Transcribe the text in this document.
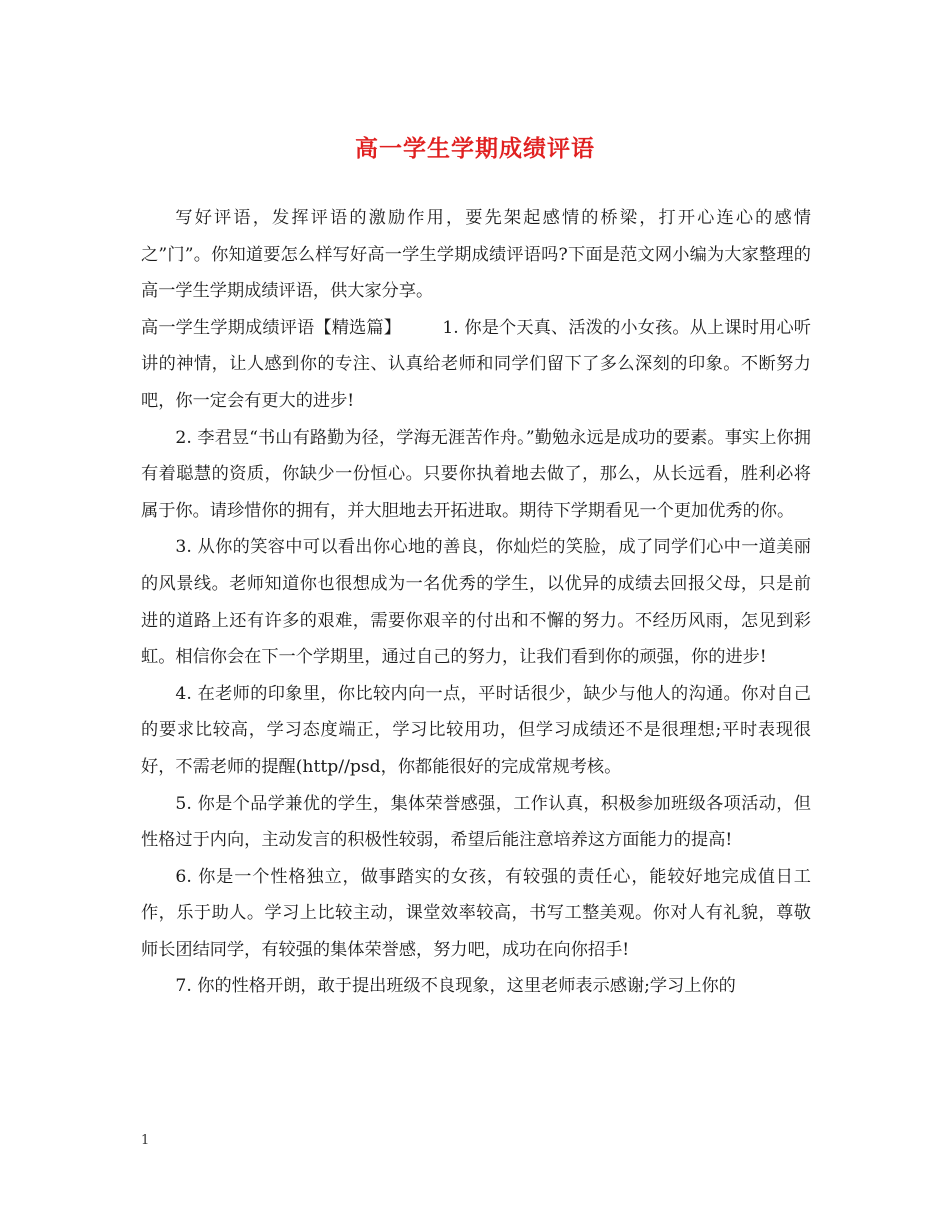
高一学生学期成绩评语

写好评语，发挥评语的激励作用，要先架起感情的桥梁，打开心连心的感情之”门”。你知道要怎么样写好高一学生学期成绩评语吗?下面是范文网小编为大家整理的高一学生学期成绩评语，供大家分享。

高一学生学期成绩评语【精选篇】 1. 你是个天真、活泼的小女孩。从上课时用心听讲的神情，让人感到你的专注、认真给老师和同学们留下了多么深刻的印象。不断努力吧，你一定会有更大的进步!

2. 李君昱“书山有路勤为径，学海无涯苦作舟。”勤勉永远是成功的要素。事实上你拥有着聪慧的资质，你缺少一份恒心。只要你执着地去做了，那么，从长远看，胜利必将属于你。请珍惜你的拥有，并大胆地去开拓进取。期待下学期看见一个更加优秀的你。

3. 从你的笑容中可以看出你心地的善良，你灿烂的笑脸，成了同学们心中一道美丽的风景线。老师知道你也很想成为一名优秀的学生，以优异的成绩去回报父母，只是前进的道路上还有许多的艰难，需要你艰辛的付出和不懈的努力。不经历风雨，怎见到彩虹。相信你会在下一个学期里，通过自己的努力，让我们看到你的顽强，你的进步!

4. 在老师的印象里，你比较内向一点，平时话很少，缺少与他人的沟通。你对自己的要求比较高，学习态度端正，学习比较用功，但学习成绩还不是很理想;平时表现很好，不需老师的提醒(http//psd，你都能很好的完成常规考核。

5. 你是个品学兼优的学生，集体荣誉感强，工作认真，积极参加班级各项活动，但性格过于内向，主动发言的积极性较弱，希望后能注意培养这方面能力的提高!

6. 你是一个性格独立，做事踏实的女孩，有较强的责任心，能较好地完成值日工作，乐于助人。学习上比较主动，课堂效率较高，书写工整美观。你对人有礼貌，尊敬师长团结同学，有较强的集体荣誉感，努力吧，成功在向你招手!

7. 你的性格开朗，敢于提出班级不良现象，这里老师表示感谢;学习上你的

1
